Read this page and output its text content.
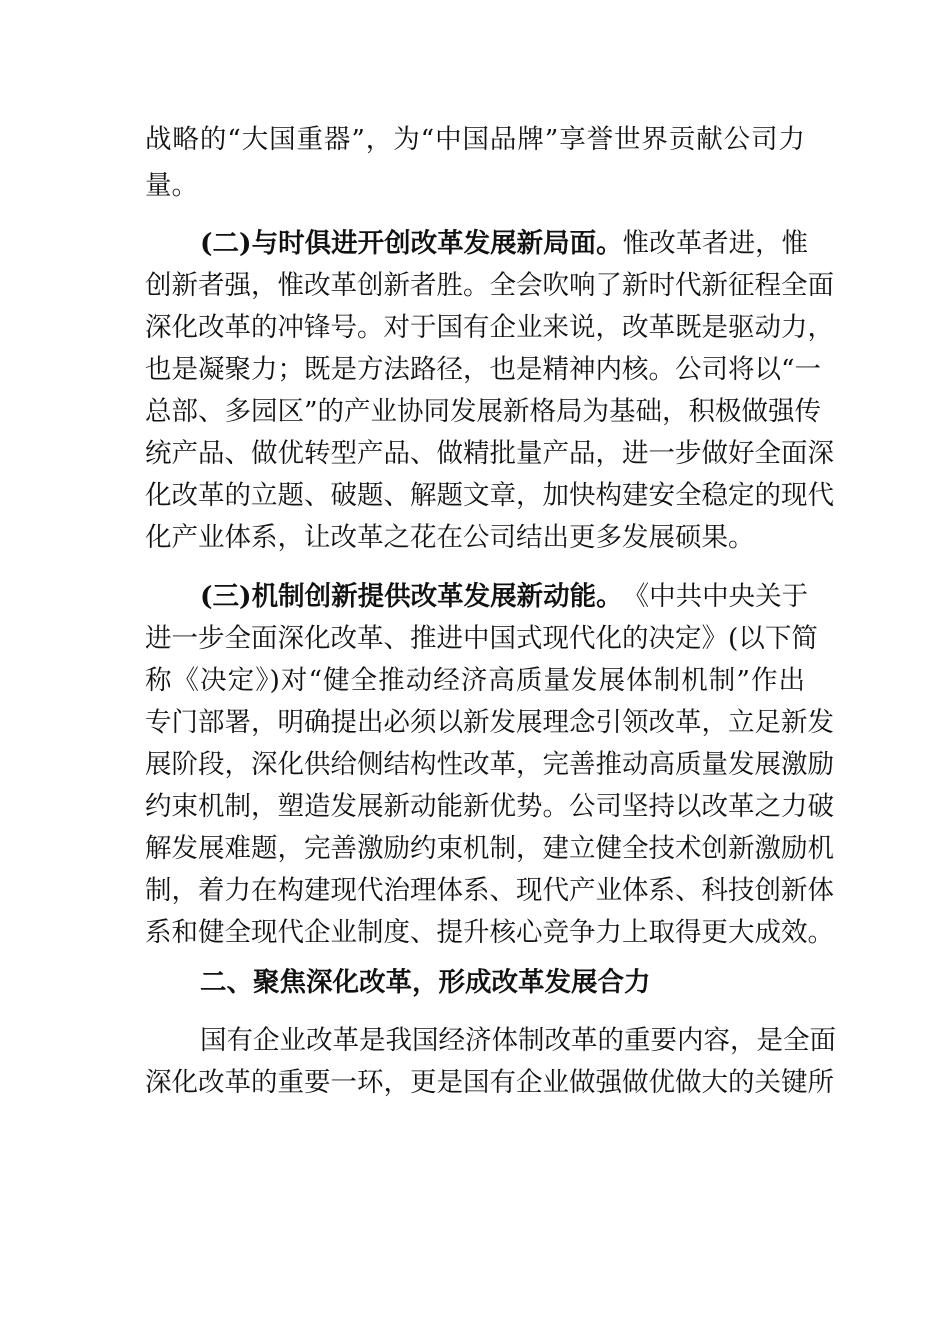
战略的“大国重器”，为“中国品牌”享誉世界贡献公司力
量。
(二)与时俱进开创改革发展新局面。 惟改革者进，惟
创新者强，惟改革创新者胜。全会吹响了新时代新征程全面
深化改革的冲锋号。对于国有企业来说，改革既是驱动力，
也是凝聚力；既是方法路径，也是精神内核。公司将以“一
总部、多园区”的产业协同发展新格局为基础，积极做强传
统产品、做优转型产品、做精批量产品，进一步做好全面深
化改革的立题、破题、解题文章，加快构建安全稳定的现代
化产业体系，让改革之花在公司结出更多发展硕果。
(三)机制创新提供改革发展新动能。 《中共中央关于
进一步全面深化改革、推进中国式现代化的决定》(以下简
称《决定》)对“健全推动经济高质量发展体制机制”作出
专门部署，明确提出必须以新发展理念引领改革，立足新发
展阶段，深化供给侧结构性改革，完善推动高质量发展激励
约束机制，塑造发展新动能新优势。公司坚持以改革之力破
解发展难题，完善激励约束机制，建立健全技术创新激励机
制，着力在构建现代治理体系、现代产业体系、科技创新体
系和健全现代企业制度、提升核心竞争力上取得更大成效。
二、聚焦深化改革，形成改革发展合力
国有企业改革是我国经济体制改革的重要内容，是全面
深化改革的重要一环，更是国有企业做强做优做大的关键所
